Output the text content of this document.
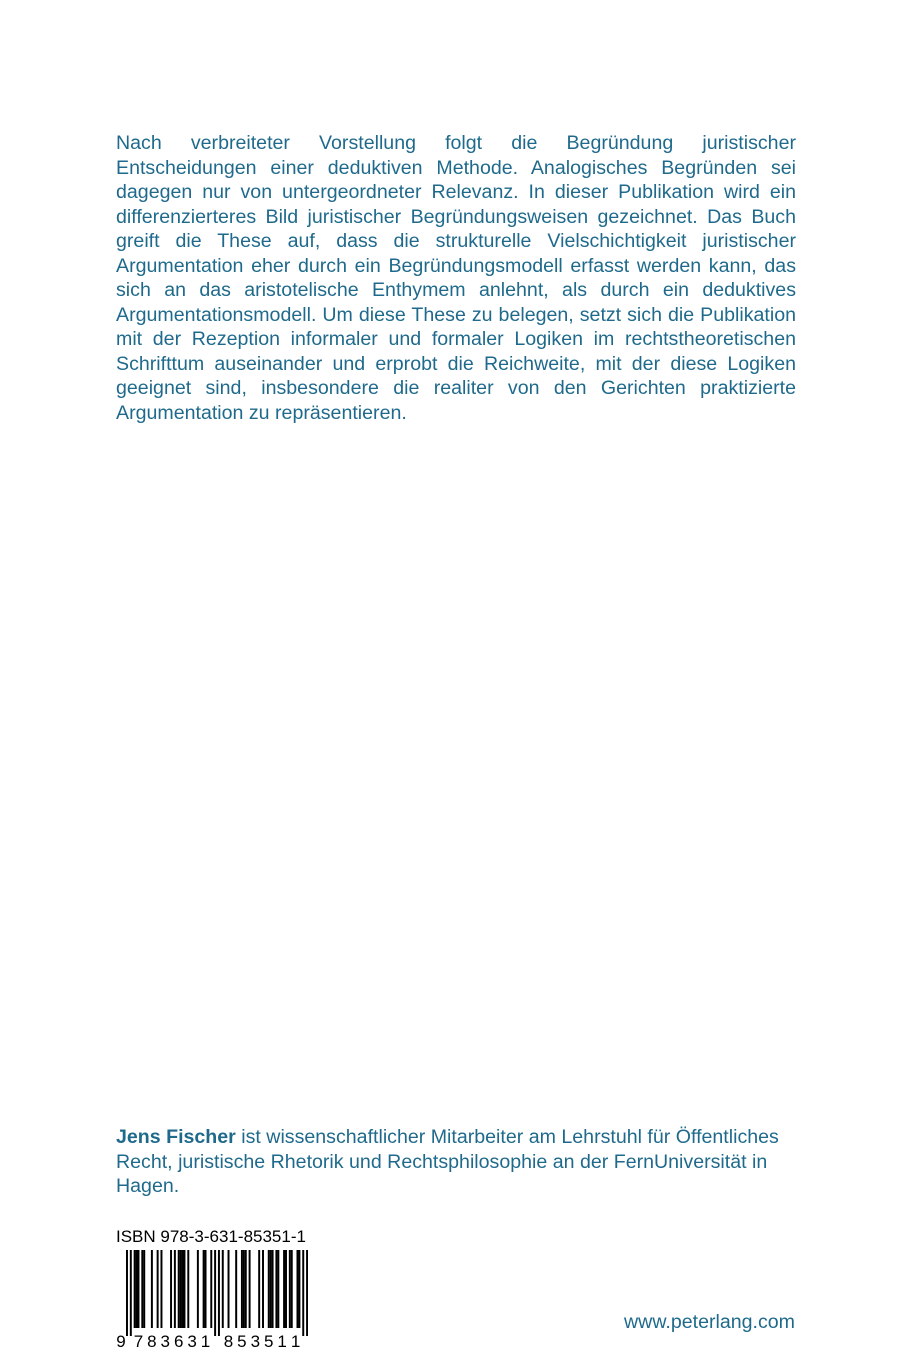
Nach verbreiteter Vorstellung folgt die Begründung juristischer Entscheidungen einer deduktiven Methode. Analogisches Begründen sei dagegen nur von untergeordneter Relevanz. In dieser Publikation wird ein differenzierteres Bild juristischer Begründungsweisen gezeichnet. Das Buch greift die These auf, dass die strukturelle Vielschichtigkeit juristischer Argumentation eher durch ein Begründungsmodell erfasst werden kann, das sich an das aristotelische Enthymem anlehnt, als durch ein deduktives Argumentationsmodell. Um diese These zu belegen, setzt sich die Publikation mit der Rezeption informaler und formaler Logiken im rechtstheoretischen Schrifttum auseinander und erprobt die Reichweite, mit der diese Logiken geeignet sind, insbesondere die realiter von den Gerichten praktizierte Argumentation zu repräsentieren.

Jens Fischer ist wissenschaftlicher Mitarbeiter am Lehrstuhl für Öffentliches Recht, juristische Rhetorik und Rechtsphilosophie an der FernUniversität in Hagen.

ISBN 978-3-631-85351-1
9 7 8 3 6 3 1 8 5 3 5 1 1
www.peterlang.com
